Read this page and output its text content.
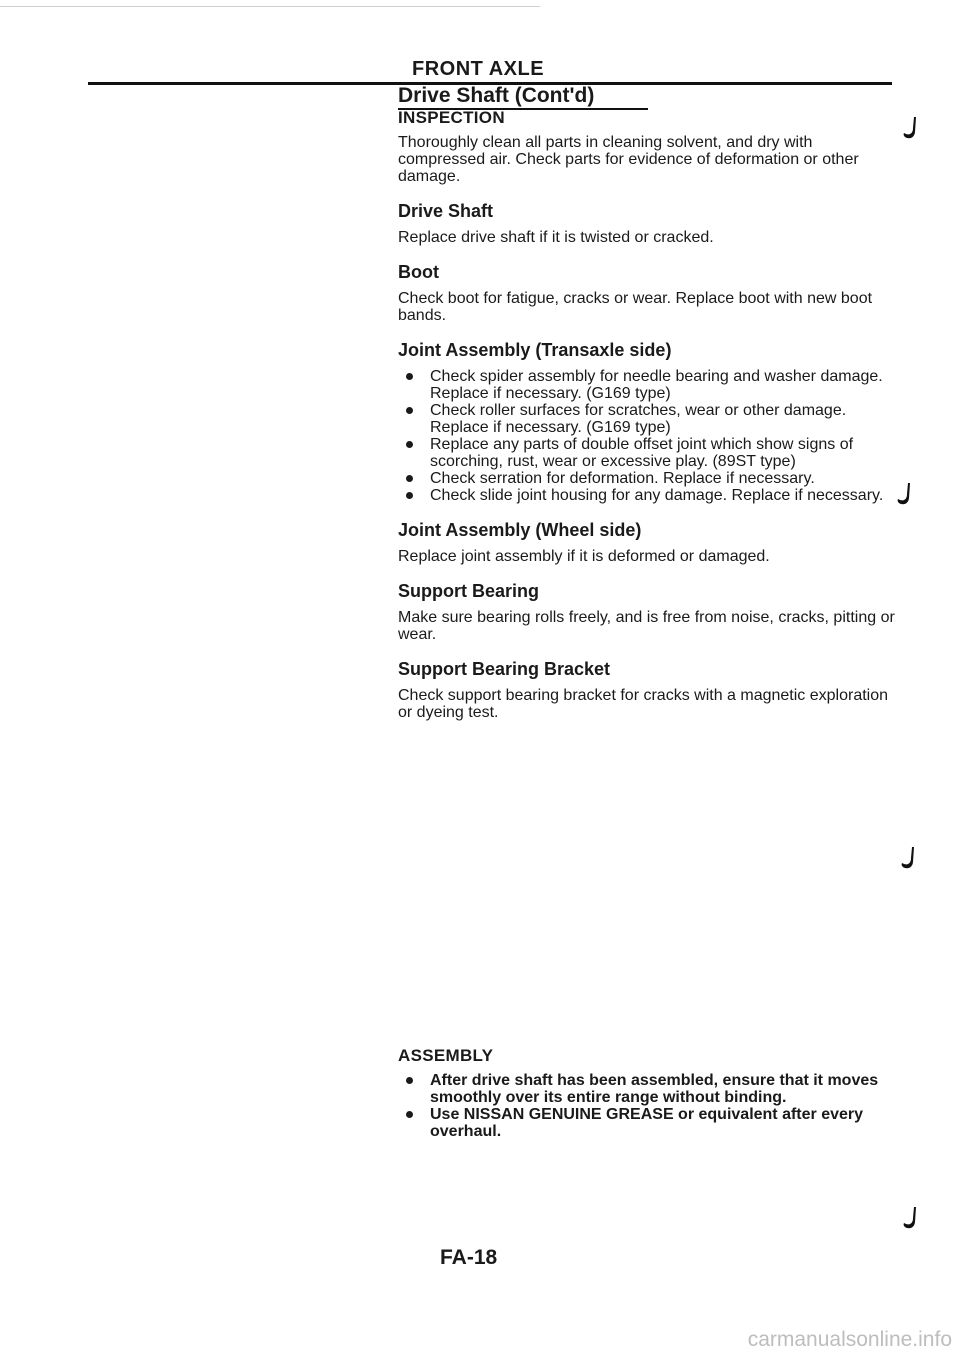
FRONT AXLE
Drive Shaft (Cont'd)
INSPECTION

Thoroughly clean all parts in cleaning solvent, and dry with compressed air. Check parts for evidence of deformation or other damage.

Drive Shaft

Replace drive shaft if it is twisted or cracked.

Boot

Check boot for fatigue, cracks or wear. Replace boot with new boot bands.

Joint Assembly (Transaxle side)
Check spider assembly for needle bearing and washer damage. Replace if necessary. (G169 type)
Check roller surfaces for scratches, wear or other damage. Replace if necessary. (G169 type)
Replace any parts of double offset joint which show signs of scorching, rust, wear or excessive play. (89ST type)
Check serration for deformation. Replace if necessary.
Check slide joint housing for any damage. Replace if necessary.
Joint Assembly (Wheel side)

Replace joint assembly if it is deformed or damaged.

Support Bearing

Make sure bearing rolls freely, and is free from noise, cracks, pitting or wear.

Support Bearing Bracket

Check support bearing bracket for cracks with a magnetic exploration or dyeing test.

ASSEMBLY
After drive shaft has been assembled, ensure that it moves smoothly over its entire range without binding.
Use NISSAN GENUINE GREASE or equivalent after every overhaul.
FA-18
carmanualsonline.info
